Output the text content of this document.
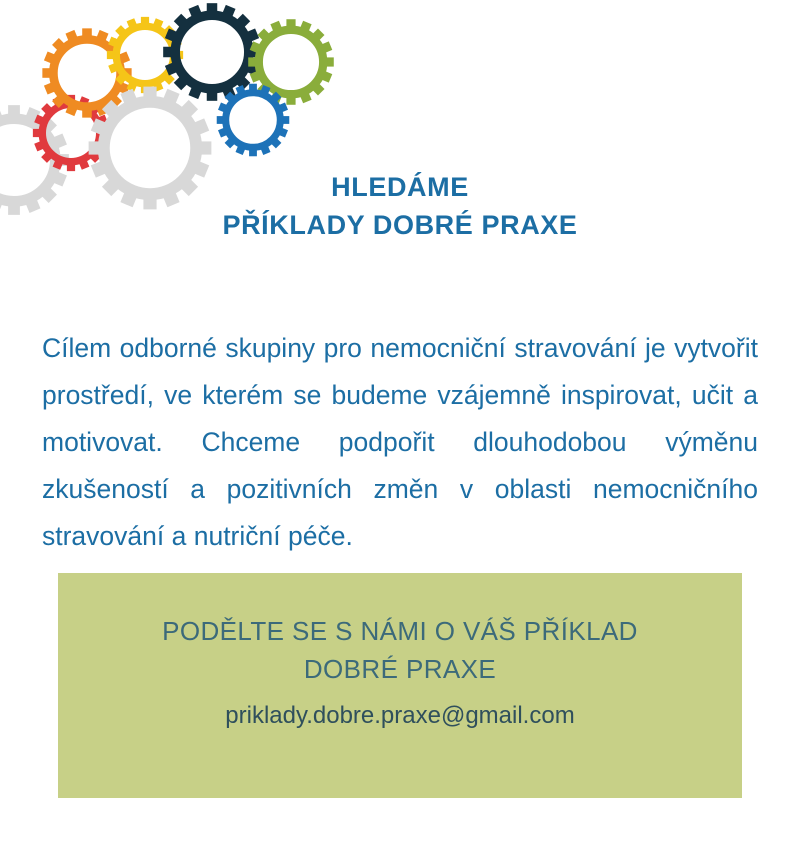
HLEDÁME
PŘÍKLADY DOBRÉ PRAXE

Cílem odborné skupiny pro nemocniční stravování je vytvořit prostředí, ve kterém se budeme vzájemně inspirovat, učit a motivovat. Chceme podpořit dlouhodobou výměnu zkušeností a pozitivních změn v oblasti nemocničního stravování a nutriční péče.

PODĚLTE SE S NÁMI O VÁŠ PŘÍKLAD
DOBRÉ PRAXE
priklady.dobre.praxe@gmail.com
